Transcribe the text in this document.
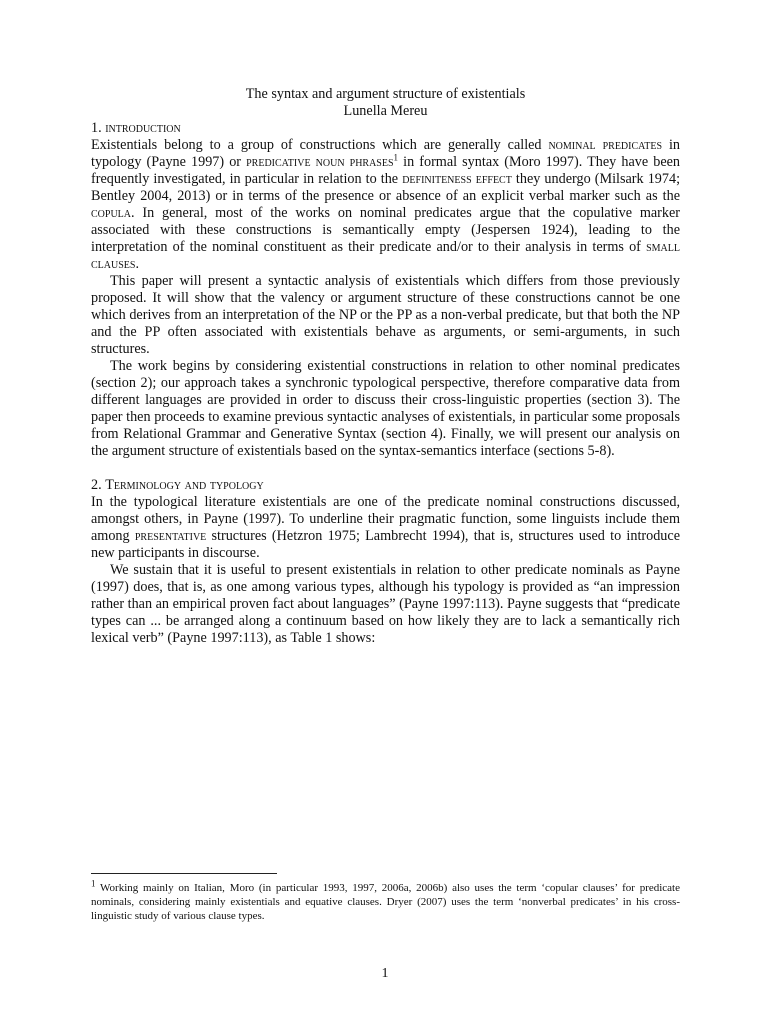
The syntax and argument structure of existentials
Lunella Mereu
1. introduction

Existentials belong to a group of constructions which are generally called nominal predicates in typology (Payne 1997) or predicative noun phrases$^1$ in formal syntax (Moro 1997). They have been frequently investigated, in particular in relation to the definiteness effect they undergo (Milsark 1974; Bentley 2004, 2013) or in terms of the presence or absence of an explicit verbal marker such as the copula. In general, most of the works on nominal predicates argue that the copulative marker associated with these constructions is semantically empty (Jespersen 1924), leading to the interpretation of the nominal constituent as their predicate and/or to their analysis in terms of small clauses.

This paper will present a syntactic analysis of existentials which differs from those previously proposed. It will show that the valency or argument structure of these constructions cannot be one which derives from an interpretation of the NP or the PP as a non-verbal predicate, but that both the NP and the PP often associated with existentials behave as arguments, or semi-arguments, in such structures.

The work begins by considering existential constructions in relation to other nominal predicates (section 2); our approach takes a synchronic typological perspective, therefore comparative data from different languages are provided in order to discuss their cross-linguistic properties (section 3). The paper then proceeds to examine previous syntactic analyses of existentials, in particular some proposals from Relational Grammar and Generative Syntax (section 4). Finally, we will present our analysis on the argument structure of existentials based on the syntax-semantics interface (sections 5-8).

2. Terminology and typology

In the typological literature existentials are one of the predicate nominal constructions discussed, amongst others, in Payne (1997). To underline their pragmatic function, some linguists include them among presentative structures (Hetzron 1975; Lambrecht 1994), that is, structures used to introduce new participants in discourse.

We sustain that it is useful to present existentials in relation to other predicate nominals as Payne (1997) does, that is, as one among various types, although his typology is provided as “an impression rather than an empirical proven fact about languages” (Payne 1997:113). Payne suggests that “predicate types can ... be arranged along a continuum based on how likely they are to lack a semantically rich lexical verb” (Payne 1997:113), as Table 1 shows:

$^1$ Working mainly on Italian, Moro (in particular 1993, 1997, 2006a, 2006b) also uses the term ‘copular clauses’ for predicate nominals, considering mainly existentials and equative clauses. Dryer (2007) uses the term ‘nonverbal predicates’ in his cross-linguistic study of various clause types.
1
